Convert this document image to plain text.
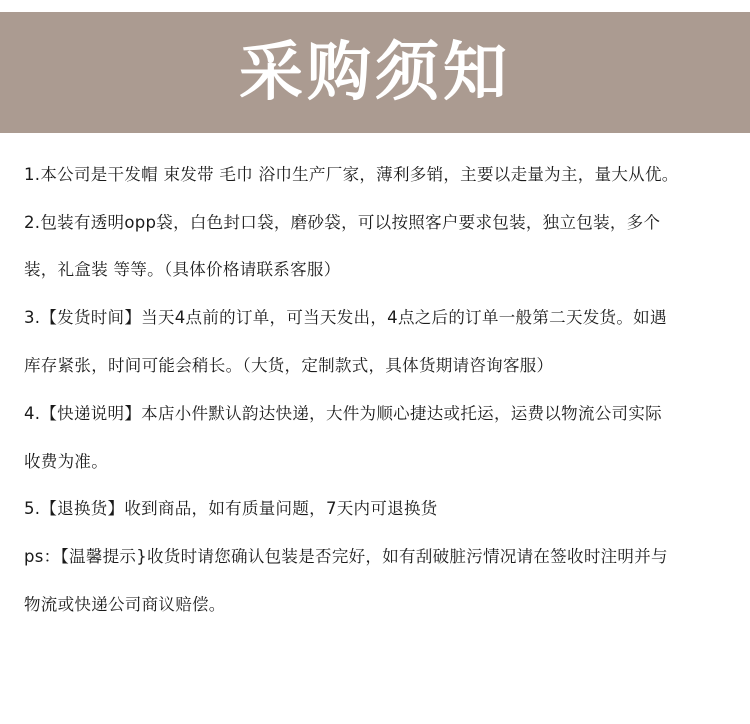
采购须知
1.本公司是干发帽 束发带 毛巾 浴巾生产厂家，薄利多销，主要以走量为主，量大从优。
2.包装有透明opp袋，白色封口袋，磨砂袋，可以按照客户要求包装，独立包装，多个
装，礼盒装 等等。（具体价格请联系客服）
3.【发货时间】当天4点前的订单，可当天发出，4点之后的订单一般第二天发货。如遇
库存紧张，时间可能会稍长。（大货，定制款式，具体货期请咨询客服）
4.【快递说明】本店小件默认韵达快递，大件为顺心捷达或托运，运费以物流公司实际
收费为准。
5.【退换货】收到商品，如有质量问题，7天内可退换货
ps：【温馨提示}收货时请您确认包装是否完好，如有刮破脏污情况请在签收时注明并与
物流或快递公司商议赔偿。
